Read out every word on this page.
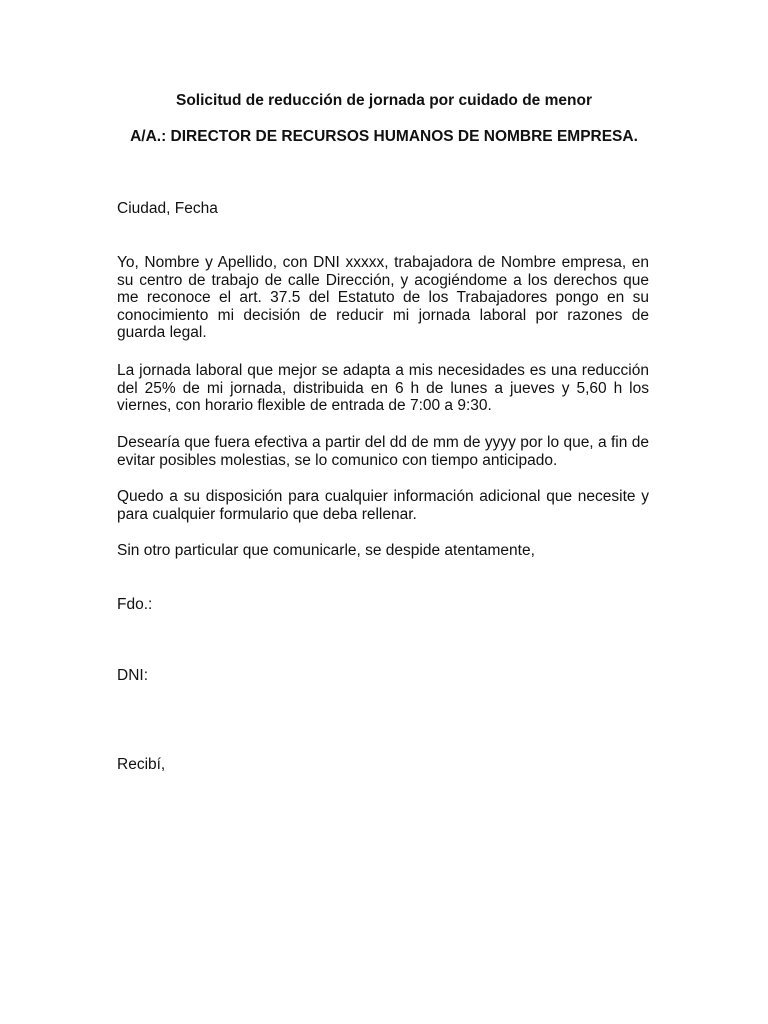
Solicitud de reducción de jornada por cuidado de menor
A/A.: DIRECTOR DE RECURSOS HUMANOS DE NOMBRE EMPRESA.

Ciudad, Fecha

Yo, Nombre y Apellido, con DNI xxxxx, trabajadora de Nombre empresa, en su centro de trabajo de calle Dirección, y acogiéndome a los derechos que me reconoce el art. 37.5 del Estatuto de los Trabajadores pongo en su conocimiento mi decisión de reducir mi jornada laboral por razones de guarda legal.

La jornada laboral que mejor se adapta a mis necesidades es una reducción del 25% de mi jornada, distribuida en 6 h de lunes a jueves y 5,60 h los viernes, con horario flexible de entrada de 7:00 a 9:30.

Desearía que fuera efectiva a partir del dd de mm de yyyy por lo que, a fin de evitar posibles molestias, se lo comunico con tiempo anticipado.

Quedo a su disposición para cualquier información adicional que necesite y para cualquier formulario que deba rellenar.

Sin otro particular que comunicarle, se despide atentamente,

Fdo.:

DNI:

Recibí,
